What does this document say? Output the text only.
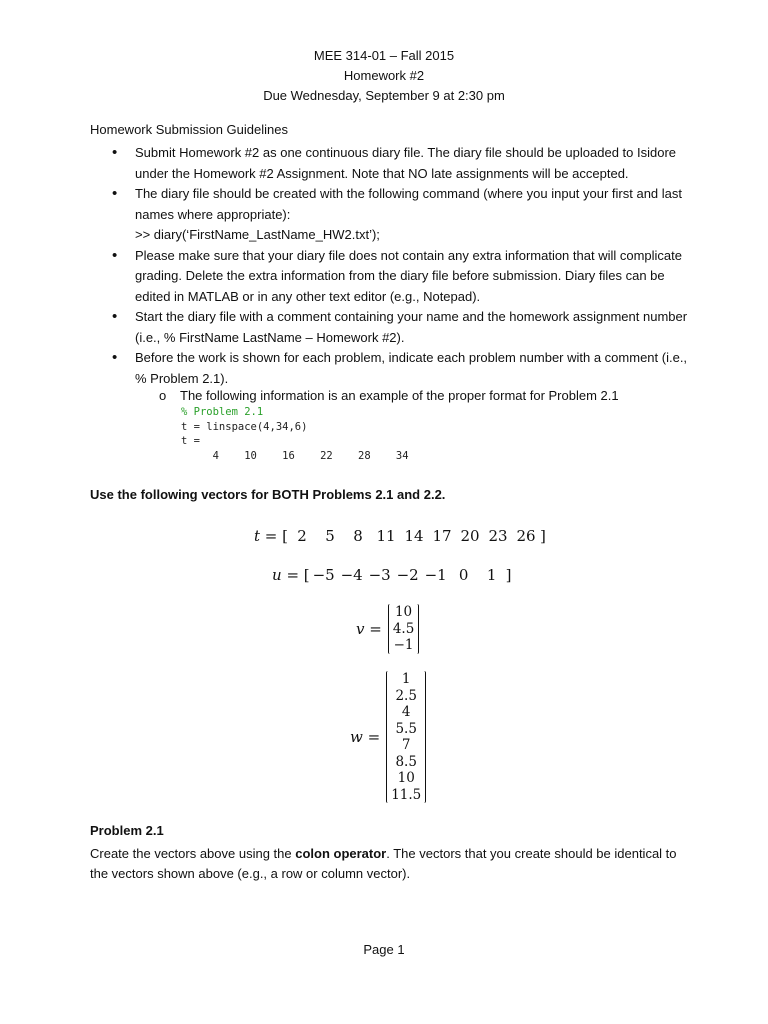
MEE 314-01 – Fall 2015
Homework #2
Due Wednesday, September 9 at 2:30 pm
Homework Submission Guidelines
• Submit Homework #2 as one continuous diary file. The diary file should be uploaded to Isidore under the Homework #2 Assignment. Note that NO late assignments will be accepted.
• The diary file should be created with the following command (where you input your first and last names where appropriate):
>> diary(‘FirstName_LastName_HW2.txt’);
• Please make sure that your diary file does not contain any extra information that will complicate grading. Delete the extra information from the diary file before submission. Diary files can be edited in MATLAB or in any other text editor (e.g., Notepad).
• Start the diary file with a comment containing your name and the homework assignment number (i.e., % FirstName LastName – Homework #2).
• Before the work is shown for each problem, indicate each problem number with a comment (i.e., % Problem 2.1).
o The following information is an example of the proper format for Problem 2.1
% Problem 2.1
t = linspace(4,34,6)
t =
4    10    16    22    28    34
Use the following vectors for BOTH Problems 2.1 and 2.2.
t = [ 2 5 8 11 14 17 20 23 26 ]
u = [ −5 −4 −3 −2 −1 0 1 ]
v =
10
4.5
−1
w =
1
2.5
4
5.5
7
8.5
10
11.5
Problem 2.1
Create the vectors above using the colon operator. The vectors that you create should be identical to the vectors shown above (e.g., a row or column vector).
Page 1
